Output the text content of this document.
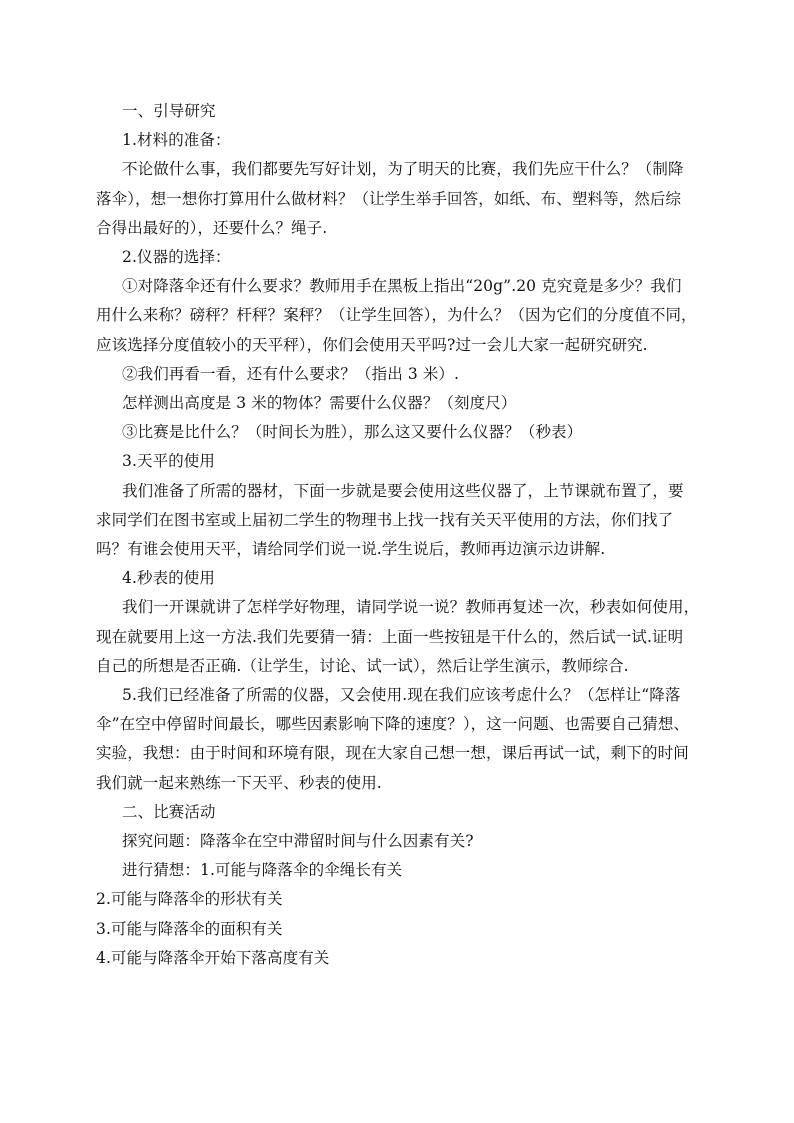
一、引导研究

1.材料的准备：

不论做什么事，我们都要先写好计划，为了明天的比赛，我们先应干什么？（制降

落伞），想一想你打算用什么做材料？（让学生举手回答，如纸、布、塑料等，然后综

合得出最好的），还要什么？绳子.

2.仪器的选择：

①对降落伞还有什么要求？教师用手在黑板上指出“20g”.20 克究竟是多少？我们

用什么来称？磅秤？杆秤？案秤？（让学生回答），为什么？（因为它们的分度值不同，

应该选择分度值较小的天平秤），你们会使用天平吗?过一会儿大家一起研究研究.

②我们再看一看，还有什么要求？（指出 3 米）.

怎样测出高度是 3 米的物体？需要什么仪器？（刻度尺）

③比赛是比什么？（时间长为胜），那么这又要什么仪器？（秒表）

3.天平的使用

我们准备了所需的器材，下面一步就是要会使用这些仪器了，上节课就布置了，要

求同学们在图书室或上届初二学生的物理书上找一找有关天平使用的方法，你们找了

吗？有谁会使用天平，请给同学们说一说.学生说后，教师再边演示边讲解.

4.秒表的使用

我们一开课就讲了怎样学好物理，请同学说一说？教师再复述一次，秒表如何使用，

现在就要用上这一方法.我们先要猜一猜：上面一些按钮是干什么的，然后试一试.证明

自己的所想是否正确.（让学生，讨论、试一试），然后让学生演示，教师综合.

5.我们已经准备了所需的仪器，又会使用.现在我们应该考虑什么？（怎样让“降落

伞”在空中停留时间最长，哪些因素影响下降的速度？），这一问题、也需要自己猜想、

实验，我想：由于时间和环境有限，现在大家自己想一想，课后再试一试，剩下的时间

我们就一起来熟练一下天平、秒表的使用.

二、比赛活动

探究问题：降落伞在空中滞留时间与什么因素有关?

进行猜想：1.可能与降落伞的伞绳长有关

2.可能与降落伞的形状有关

3.可能与降落伞的面积有关

4.可能与降落伞开始下落高度有关
